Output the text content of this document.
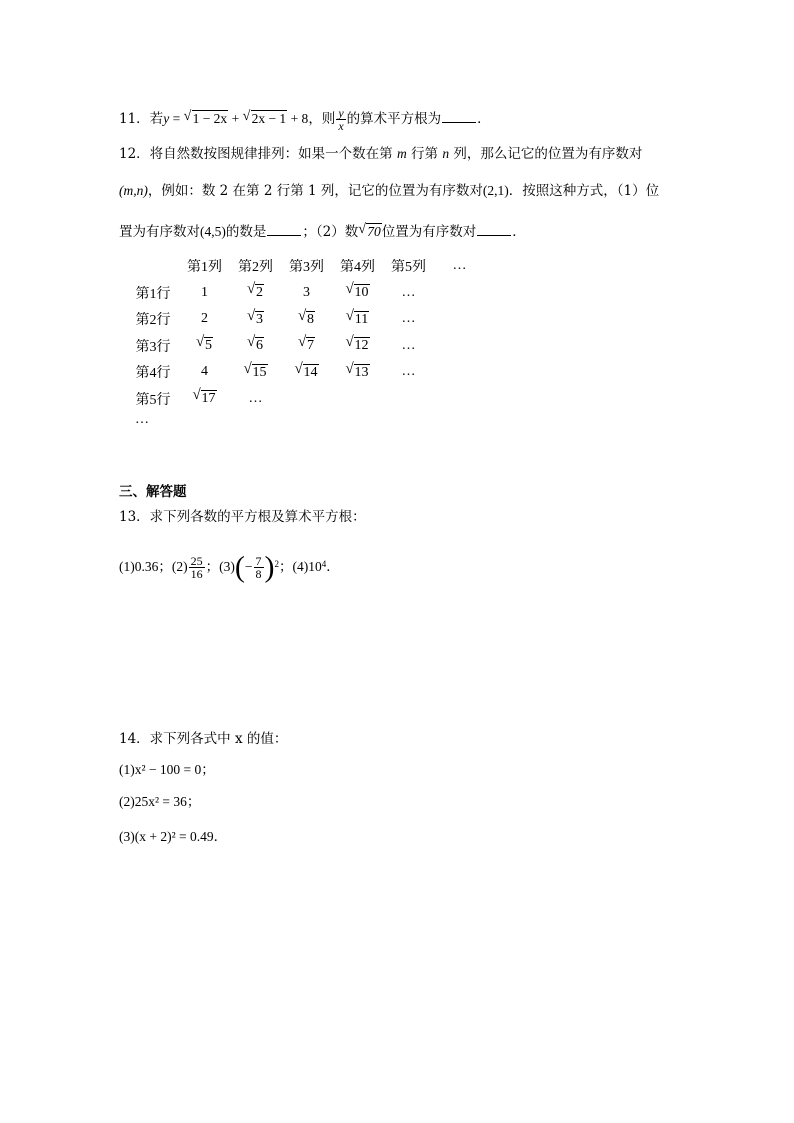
11．若y = √ 1 − 2x + √ 2x − 1 + 8，则 $\frac{y}{x}$ 的算术平方根为	．
12．将自然数按图规律排列：如果一个数在第 m 行第 n 列，那么记它的位置为有序数对
(m,n)，例如：数 2 在第 2 行第 1 列，记它的位置为有序数对(2,1)．按照这种方式，（1）位
置为有序数对(4,5)的数是	；（2）数 √ 70位置为有序数对	．
	第1列	第2列	第3列	第4列	第5列	…
第1行	1	√ 2	3	√ 10	…	
第2行	2	√ 3	√ 8	√ 11	…	
第3行	√ 5	√ 6	√ 7	√ 12	…	
第4行	4	√ 15	√ 14	√ 13	…	
第5行	√ 17	…				
…
三、解答题
13．求下列各数的平方根及算术平方根：
(1)0.36；$(2) \frac{25}{16}$ ；$(3)(- \frac{7}{8} )^2$；$(4)10^4$．
14．求下列各式中 x 的值：
(1)x² − 100 = 0；
(2)25x² = 36；
(3)(x + 2)² = 0.49．
